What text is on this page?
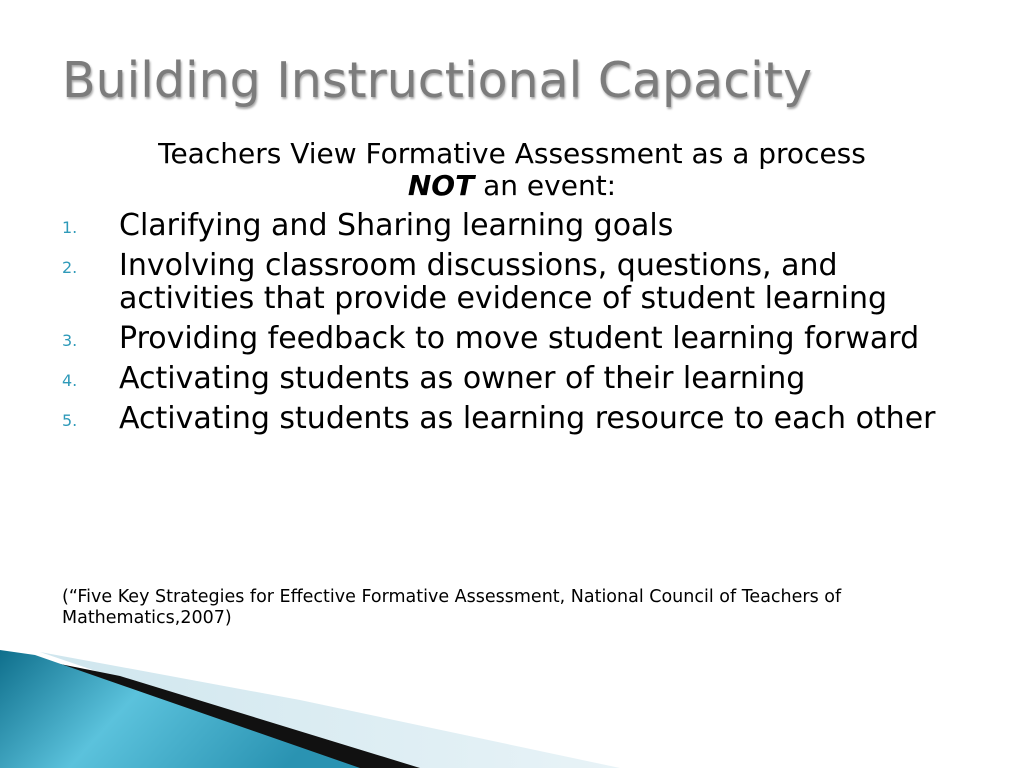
Building Instructional Capacity

Teachers View Formative Assessment as a process
NOT an event:

1. Clarifying and Sharing learning goals
2. Involving classroom discussions, questions, and activities that provide evidence of student learning
3. Providing feedback to move student learning forward
4. Activating students as owner of their learning
5. Activating students as learning resource to each other

(“Five Key Strategies for Effective Formative Assessment, National Council of Teachers of Mathematics,2007)
